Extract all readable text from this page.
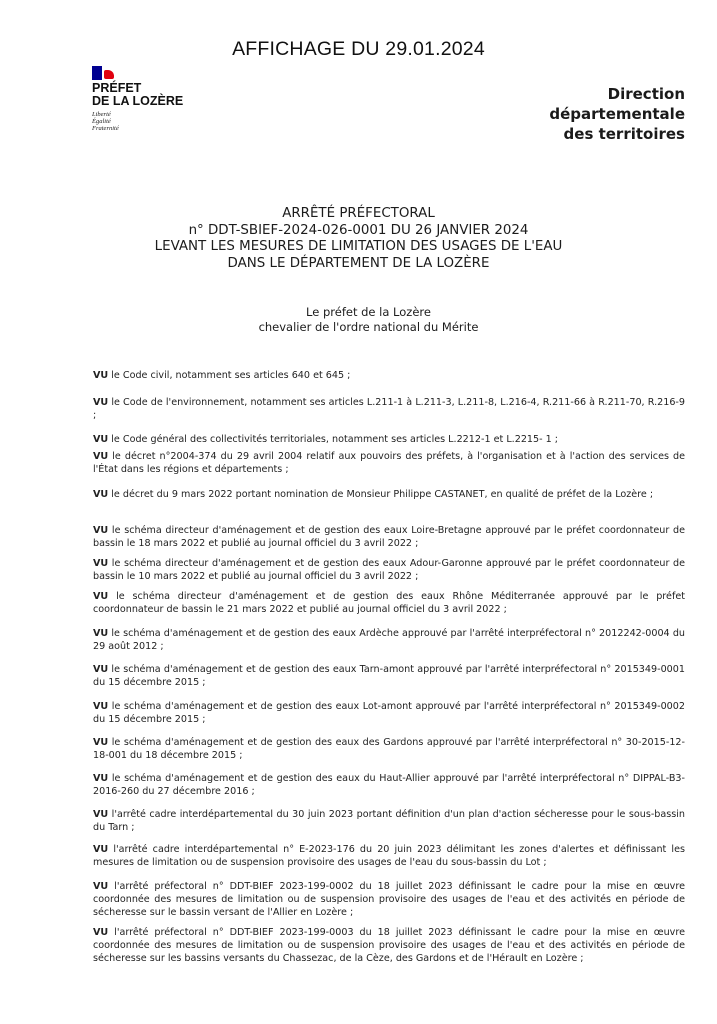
AFFICHAGE DU 29.01.2024
PRÉFET
DE LA LOZÈRE
Liberté
Égalité
Fraternité
Direction
départementale
des territoires
ARRÊTÉ PRÉFECTORAL
n° DDT-SBIEF-2024-026-0001 DU 26 JANVIER 2024
LEVANT LES MESURES DE LIMITATION DES USAGES DE L'EAU
DANS LE DÉPARTEMENT DE LA LOZÈRE
Le préfet de la Lozère
chevalier de l'ordre national du Mérite
VU le Code civil, notamment ses articles 640 et 645 ;
VU le Code de l'environnement, notamment ses articles L.211-1 à L.211-3, L.211-8, L.216-4, R.211-66 à R.211-70, R.216-9 ;
VU le Code général des collectivités territoriales, notamment ses articles L.2212-1 et L.2215- 1 ;
VU le décret n°2004-374 du 29 avril 2004 relatif aux pouvoirs des préfets, à l'organisation et à l'action des services de l'État dans les régions et départements ;
VU le décret du 9 mars 2022 portant nomination de Monsieur Philippe CASTANET, en qualité de préfet de la Lozère ;
VU le schéma directeur d'aménagement et de gestion des eaux Loire-Bretagne approuvé par le préfet coordonnateur de bassin le 18 mars 2022 et publié au journal officiel du 3 avril 2022 ;
VU le schéma directeur d'aménagement et de gestion des eaux Adour-Garonne approuvé par le préfet coordonnateur de bassin le 10 mars 2022 et publié au journal officiel du 3 avril 2022 ;
VU le schéma directeur d'aménagement et de gestion des eaux Rhône Méditerranée approuvé par le préfet coordonnateur de bassin le 21 mars 2022 et publié au journal officiel du 3 avril 2022 ;
VU le schéma d'aménagement et de gestion des eaux Ardèche approuvé par l'arrêté interpréfectoral n° 2012242-0004 du 29 août 2012 ;
VU le schéma d'aménagement et de gestion des eaux Tarn-amont approuvé par l'arrêté interpréfectoral n° 2015349-0001 du 15 décembre 2015 ;
VU le schéma d'aménagement et de gestion des eaux Lot-amont approuvé par l'arrêté interpréfectoral n° 2015349-0002 du 15 décembre 2015 ;
VU le schéma d'aménagement et de gestion des eaux des Gardons approuvé par l'arrêté interpréfectoral n° 30-2015-12-18-001 du 18 décembre 2015 ;
VU le schéma d'aménagement et de gestion des eaux du Haut-Allier approuvé par l'arrêté interpréfectoral n° DIPPAL-B3-2016-260 du 27 décembre 2016 ;
VU l'arrêté cadre interdépartemental du 30 juin 2023 portant définition d'un plan d'action sécheresse pour le sous-bassin du Tarn ;
VU l'arrêté cadre interdépartemental n° E-2023-176 du 20 juin 2023 délimitant les zones d'alertes et définissant les mesures de limitation ou de suspension provisoire des usages de l'eau du sous-bassin du Lot ;
VU l'arrêté préfectoral n° DDT-BIEF 2023-199-0002 du 18 juillet 2023 définissant le cadre pour la mise en œuvre coordonnée des mesures de limitation ou de suspension provisoire des usages de l'eau et des activités en période de sécheresse sur le bassin versant de l'Allier en Lozère ;
VU l'arrêté préfectoral n° DDT-BIEF 2023-199-0003 du 18 juillet 2023 définissant le cadre pour la mise en œuvre coordonnée des mesures de limitation ou de suspension provisoire des usages de l'eau et des activités en période de sécheresse sur les bassins versants du Chassezac, de la Cèze, des Gardons et de l'Hérault en Lozère ;
